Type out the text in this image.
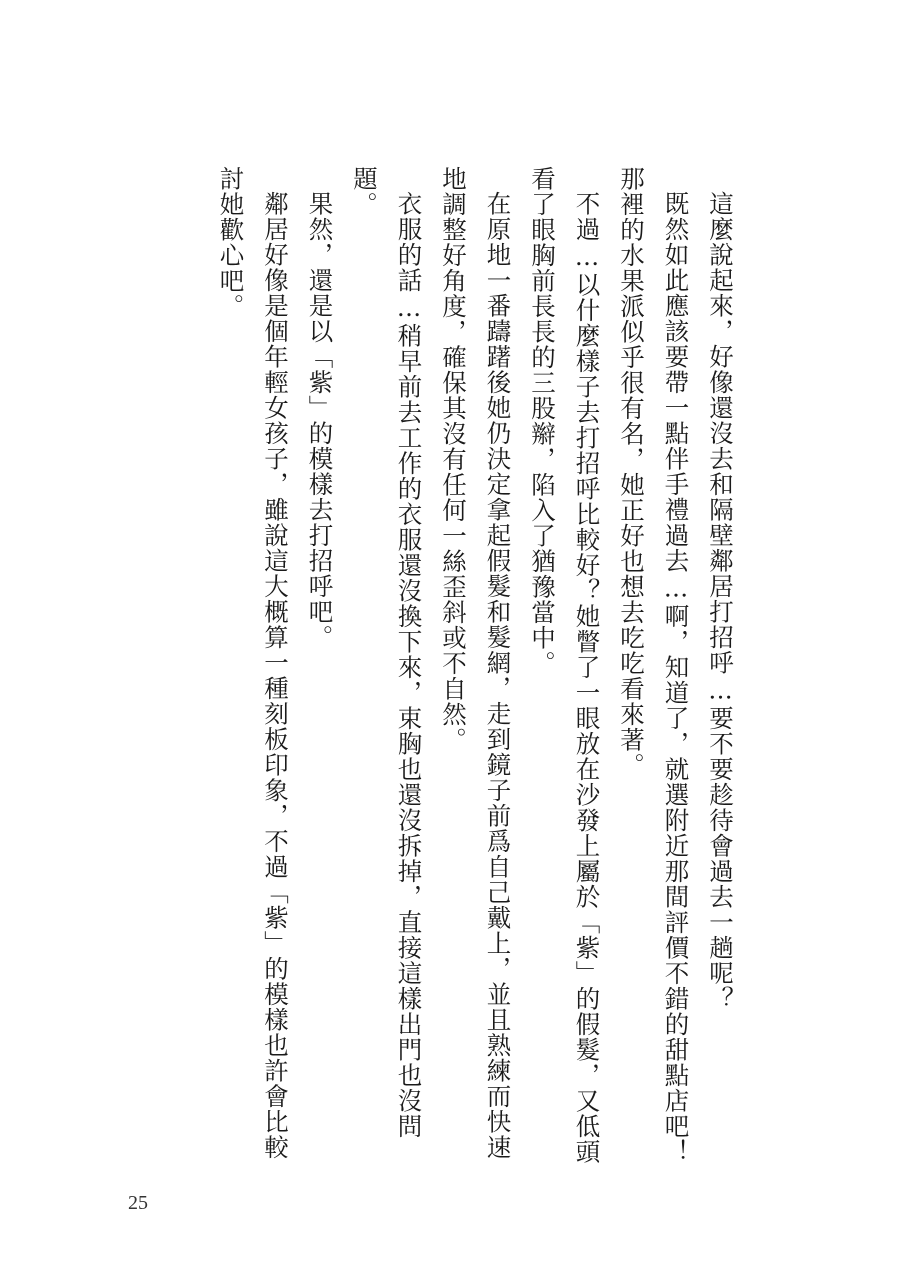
這麼說起來，好像還沒去和隔壁鄰居打招呼…要不要趁待會過去一趟呢？

既然如此應該要帶一點伴手禮過去…啊，知道了，就選附近那間評價不錯的甜點店吧！那裡的水果派似乎很有名，她正好也想去吃吃看來著。

不過…以什麼樣子去打招呼比較好？她瞥了一眼放在沙發上屬於「紫」的假髮，又低頭看了眼胸前長長的三股辮，陷入了猶豫當中。

在原地一番躊躇後她仍決定拿起假髮和髮網，走到鏡子前爲自己戴上，並且熟練而快速地調整好角度，確保其沒有任何一絲歪斜或不自然。

衣服的話…稍早前去工作的衣服還沒換下來，束胸也還沒拆掉，直接這樣出門也沒問題。

果然，還是以「紫」的模樣去打招呼吧。

鄰居好像是個年輕女孩子，雖說這大概算一種刻板印象，不過「紫」的模樣也許會比較討她歡心吧。

25
